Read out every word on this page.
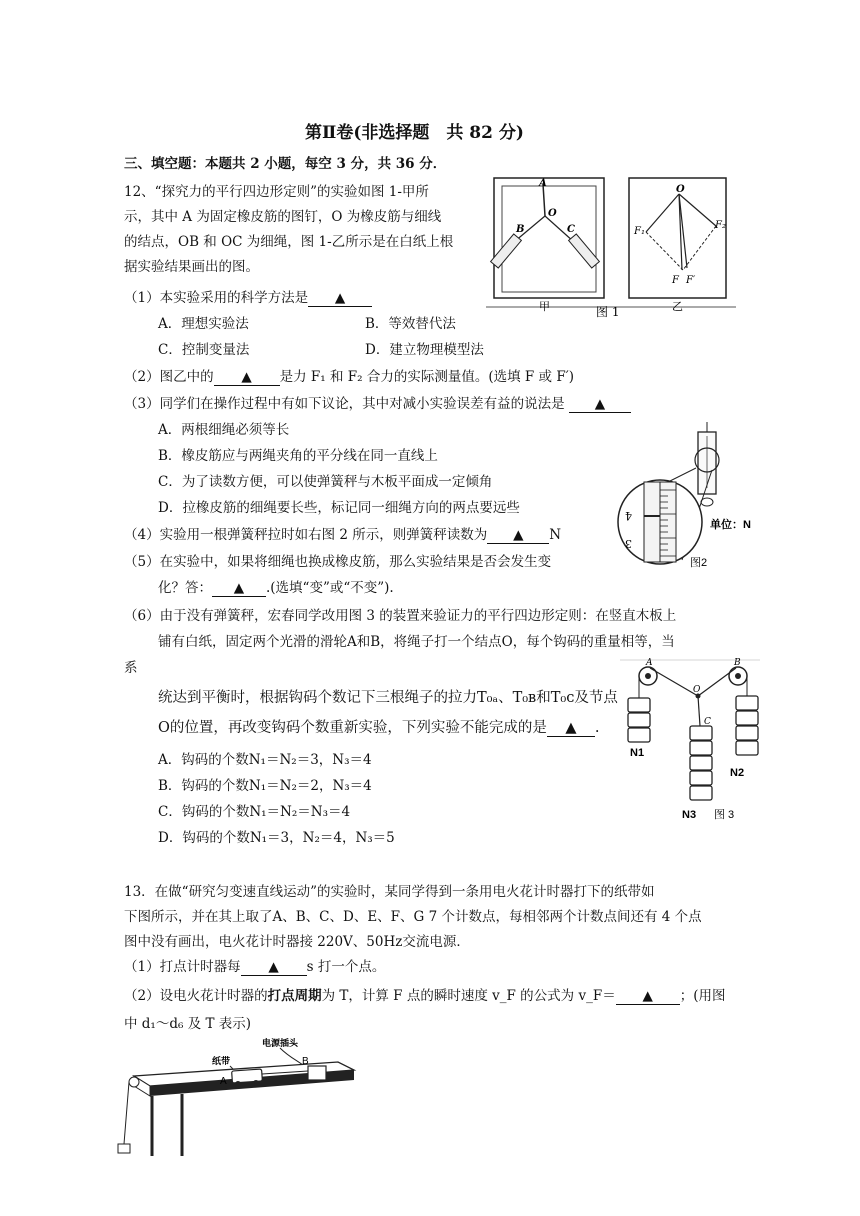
第Ⅱ卷(非选择题　共 82 分)
三、填空题：本题共 2 小题，每空 3 分，共 36 分．
12、“探究力的平行四边形定则”的实验如图 1-甲所
示，其中 A 为固定橡皮筋的图钉，O 为橡皮筋与细线
的结点，OB 和 OC 为细绳，图 1-乙所示是在白纸上根
据实验结果画出的图。
A
O
B	C
O
F₁
F₂
F F′
甲	乙
图 1
（1）本实验采用的科学方法是 ▲
A．理想实验法	B．等效替代法
C．控制变量法	D．建立物理模型法
（2）图乙中的 ▲ 是力 F₁ 和 F₂ 合力的实际测量值。(选填 F 或 F′)
（3）同学们在操作过程中有如下议论，其中对减小实验误差有益的说法是 ▲
A．两根细绳必须等长
B．橡皮筋应与两绳夹角的平分线在同一直线上
C．为了读数方便，可以使弹簧秤与木板平面成一定倾角
D．拉橡皮筋的细绳要长些，标记同一细绳方向的两点要远些	4
3
单位：N
图2
（4）实验用一根弹簧秤拉时如右图 2 所示，则弹簧秤读数为 ▲ N
（5）在实验中，如果将细绳也换成橡皮筋，那么实验结果是否会发生变
化？答： ▲ .(选填“变”或“不变”).
（6）由于没有弹簧秤，宏春同学改用图 3 的装置来验证力的平行四边形定则：在竖直木板上
铺有白纸，固定两个光滑的滑轮A和B，将绳子打一个结点O，每个钩码的重量相等，当
系
统达到平衡时，根据钩码个数记下三根绳子的拉力T₀ₐ、T₀ʙ和T₀ᴄ及节点
O的位置，再改变钩码个数重新实验，下列实验不能完成的是 ▲ .
A．钩码的个数N₁＝N₂＝3，N₃＝4
B．钩码的个数N₁＝N₂＝2，N₃＝4
C．钩码的个数N₁＝N₂＝N₃＝4
D．钩码的个数N₁＝3，N₂＝4，N₃＝5
A	B
O
C
N1
N2
N3 图 3
13．在做“研究匀变速直线运动”的实验时，某同学得到一条用电火花计时器打下的纸带如
下图所示，并在其上取了A、B、C、D、E、F、G 7 个计数点，每相邻两个计数点间还有 4 个点
图中没有画出，电火花计时器接 220V、50Hz交流电源．
（1）打点计时器每 ▲ s 打一个点。
（2）设电火花计时器的打点周期为 T，计算 F 点的瞬时速度 v_F 的公式为 v_F＝ ▲ ；(用图
中 d₁～d₆ 及 T 表示)
电源插头
纸带
A
B
